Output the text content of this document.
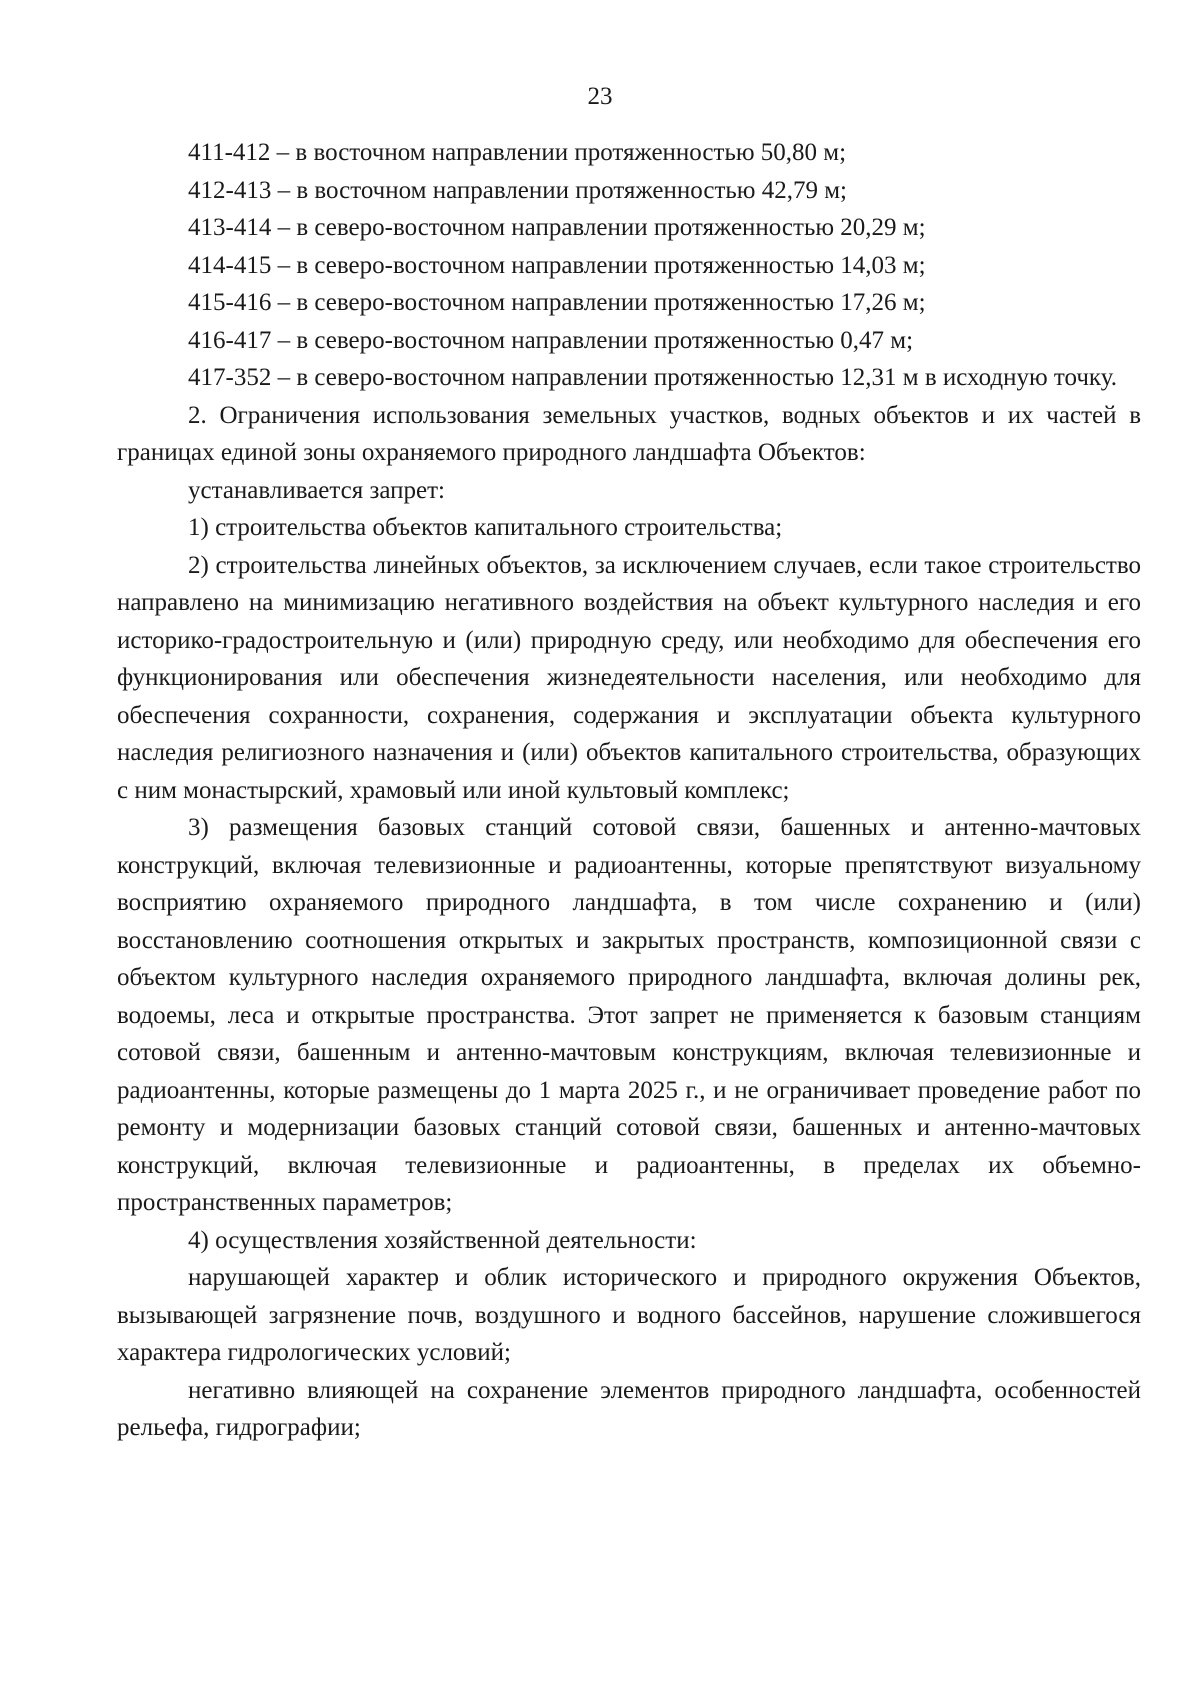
23

411-412 – в восточном направлении протяженностью 50,80 м;

412-413 – в восточном направлении протяженностью 42,79 м;

413-414 – в северо-восточном направлении протяженностью 20,29 м;

414-415 – в северо-восточном направлении протяженностью 14,03 м;

415-416 – в северо-восточном направлении протяженностью 17,26 м;

416-417 – в северо-восточном направлении протяженностью 0,47 м;

417-352 – в северо-восточном направлении протяженностью 12,31 м в исходную точку.

2. Ограничения использования земельных участков, водных объектов и их частей в границах единой зоны охраняемого природного ландшафта Объектов:

устанавливается запрет:

1) строительства объектов капитального строительства;

2) строительства линейных объектов, за исключением случаев, если такое строительство направлено на минимизацию негативного воздействия на объект культурного наследия и его историко-градостроительную и (или) природную среду, или необходимо для обеспечения его функционирования или обеспечения жизнедеятельности населения, или необходимо для обеспечения сохранности, сохранения, содержания и эксплуатации объекта культурного наследия религиозного назначения и (или) объектов капитального строительства, образующих с ним монастырский, храмовый или иной культовый комплекс;

3) размещения базовых станций сотовой связи, башенных и антенно-мачтовых конструкций, включая телевизионные и радиоантенны, которые препятствуют визуальному восприятию охраняемого природного ландшафта, в том числе сохранению и (или) восстановлению соотношения открытых и закрытых пространств, композиционной связи с объектом культурного наследия охраняемого природного ландшафта, включая долины рек, водоемы, леса и открытые пространства. Этот запрет не применяется к базовым станциям сотовой связи, башенным и антенно-мачтовым конструкциям, включая телевизионные и радиоантенны, которые размещены до 1 марта 2025 г., и не ограничивает проведение работ по ремонту и модернизации базовых станций сотовой связи, башенных и антенно-мачтовых конструкций, включая телевизионные и радиоантенны, в пределах их объемно-пространственных параметров;

4) осуществления хозяйственной деятельности:

нарушающей характер и облик исторического и природного окружения Объектов, вызывающей загрязнение почв, воздушного и водного бассейнов, нарушение сложившегося характера гидрологических условий;

негативно влияющей на сохранение элементов природного ландшафта, особенностей рельефа, гидрографии;
